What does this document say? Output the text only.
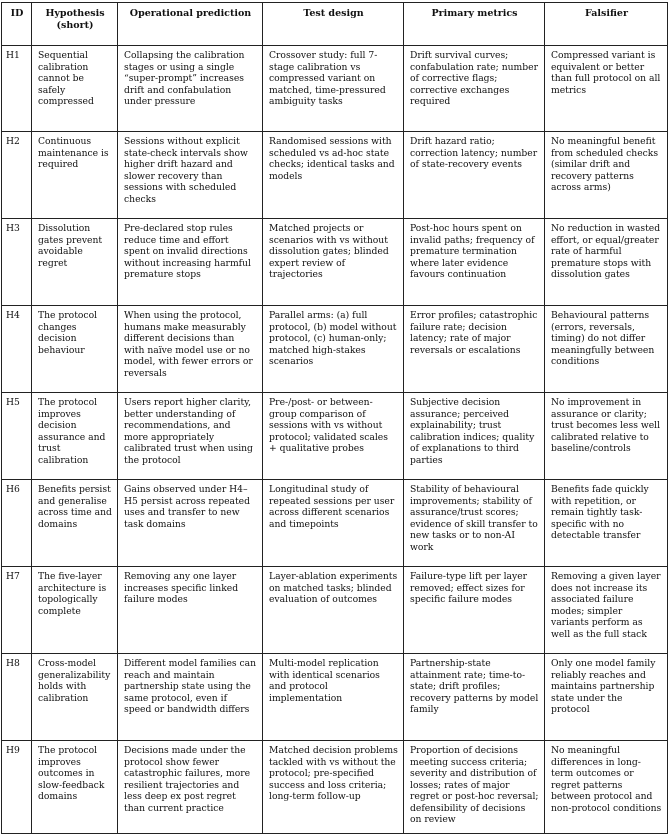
ID	Hypothesis (short)	Operational prediction	Test design	Primary metrics	Falsifier
H1	Sequential calibration cannot be safely compressed	Collapsing the calibration stages or using a single “super-prompt” increases drift and confabulation under pressure	Crossover study: full 7-stage calibration vs compressed variant on matched, time-pressured ambiguity tasks	Drift survival curves; confabulation rate; number of corrective flags; corrective exchanges required	Compressed variant is equivalent or better than full protocol on all metrics
H2	Continuous maintenance is required	Sessions without explicit state-check intervals show higher drift hazard and slower recovery than sessions with scheduled checks	Randomised sessions with scheduled vs ad-hoc state checks; identical tasks and models	Drift hazard ratio; correction latency; number of state-recovery events	No meaningful benefit from scheduled checks (similar drift and recovery patterns across arms)
H3	Dissolution gates prevent avoidable regret	Pre-declared stop rules reduce time and effort spent on invalid directions without increasing harmful premature stops	Matched projects or scenarios with vs without dissolution gates; blinded expert review of trajectories	Post-hoc hours spent on invalid paths; frequency of premature termination where later evidence favours continuation	No reduction in wasted effort, or equal/greater rate of harmful premature stops with dissolution gates
H4	The protocol changes decision behaviour	When using the protocol, humans make measurably different decisions than with naïve model use or no model, with fewer errors or reversals	Parallel arms: (a) full protocol, (b) model without protocol, (c) human-only; matched high-stakes scenarios	Error profiles; catastrophic failure rate; decision latency; rate of major reversals or escalations	Behavioural patterns (errors, reversals, timing) do not differ meaningfully between conditions
H5	The protocol improves decision assurance and trust calibration	Users report higher clarity, better understanding of recommendations, and more appropriately calibrated trust when using the protocol	Pre-/post- or between-group comparison of sessions with vs without protocol; validated scales + qualitative probes	Subjective decision assurance; perceived explainability; trust calibration indices; quality of explanations to third parties	No improvement in assurance or clarity; trust becomes less well calibrated relative to baseline/controls
H6	Benefits persist and generalise across time and domains	Gains observed under H4–H5 persist across repeated uses and transfer to new task domains	Longitudinal study of repeated sessions per user across different scenarios and timepoints	Stability of behavioural improvements; stability of assurance/trust scores; evidence of skill transfer to new tasks or to non-AI work	Benefits fade quickly with repetition, or remain tightly task-specific with no detectable transfer
H7	The five-layer architecture is topologically complete	Removing any one layer increases specific linked failure modes	Layer-ablation experiments on matched tasks; blinded evaluation of outcomes	Failure-type lift per layer removed; effect sizes for specific failure modes	Removing a given layer does not increase its associated failure modes; simpler variants perform as well as the full stack
H8	Cross-model generalizability holds with calibration	Different model families can reach and maintain partnership state using the same protocol, even if speed or bandwidth differs	Multi-model replication with identical scenarios and protocol implementation	Partnership-state attainment rate; time-to-state; drift profiles; recovery patterns by model family	Only one model family reliably reaches and maintains partnership state under the protocol
H9	The protocol improves outcomes in slow-feedback domains	Decisions made under the protocol show fewer catastrophic failures, more resilient trajectories and less deep ex post regret than current practice	Matched decision problems tackled with vs without the protocol; pre-specified success and loss criteria; long-term follow-up	Proportion of decisions meeting success criteria; severity and distribution of losses; rates of major regret or post-hoc reversal; defensibility of decisions on review	No meaningful differences in long-term outcomes or regret patterns between protocol and non-protocol conditions
